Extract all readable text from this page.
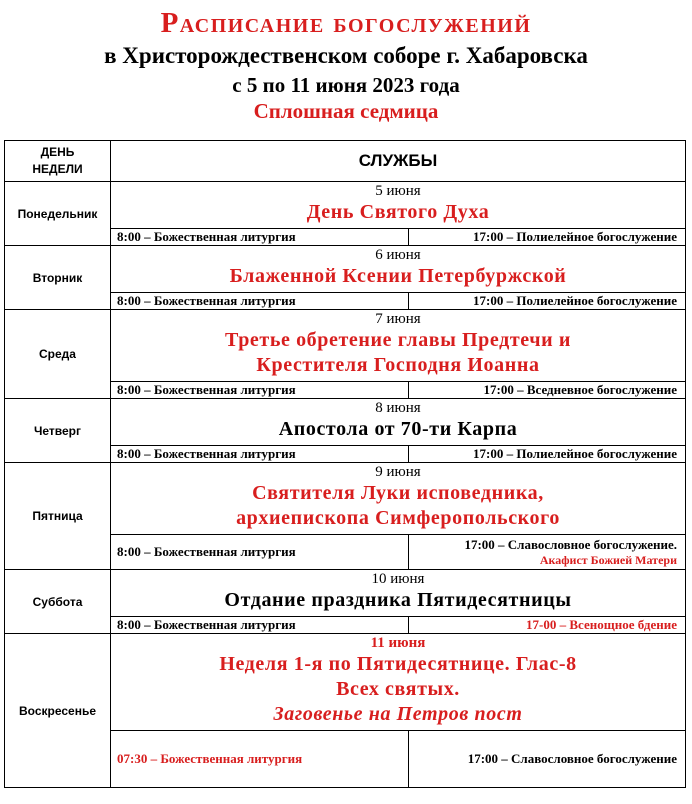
Расписание богослужений
в Христорождественском соборе г. Хабаровска
с 5 по 11 июня 2023 года
Сплошная седмица
ДЕНЬ
НЕДЕЛИ	СЛУЖБЫ
Понедельник	5 июня
День Святого Духа

8:00 – Божественная литургия 17:00 – Полиелейное богослужение

Вторник	6 июня
Блаженной Ксении Петербуржской

8:00 – Божественная литургия 17:00 – Полиелейное богослужение

Среда	7 июня
Третье обретение главы Предтечи и
Крестителя Господня Иоанна

8:00 – Божественная литургия 17:00 – Вседневное богослужение

Четверг	8 июня
Апостола от 70-ти Карпа

8:00 – Божественная литургия 17:00 – Полиелейное богослужение

Пятница	9 июня
Святителя Луки исповедника,
архиепископа Симферопольского

8:00 – Божественная литургия 17:00 – Славословное богослужение.
Акафист Божией Матери

Суббота	10 июня
Отдание праздника Пятидесятницы

8:00 – Божественная литургия 17-00 – Всенощное бдение

Воскресенье	11 июня
Неделя 1-я по Пятидесятнице. Глас-8
Всех святых.
Заговенье на Петров пост

07:30 – Божественная литургия 17:00 – Славословное богослужение
